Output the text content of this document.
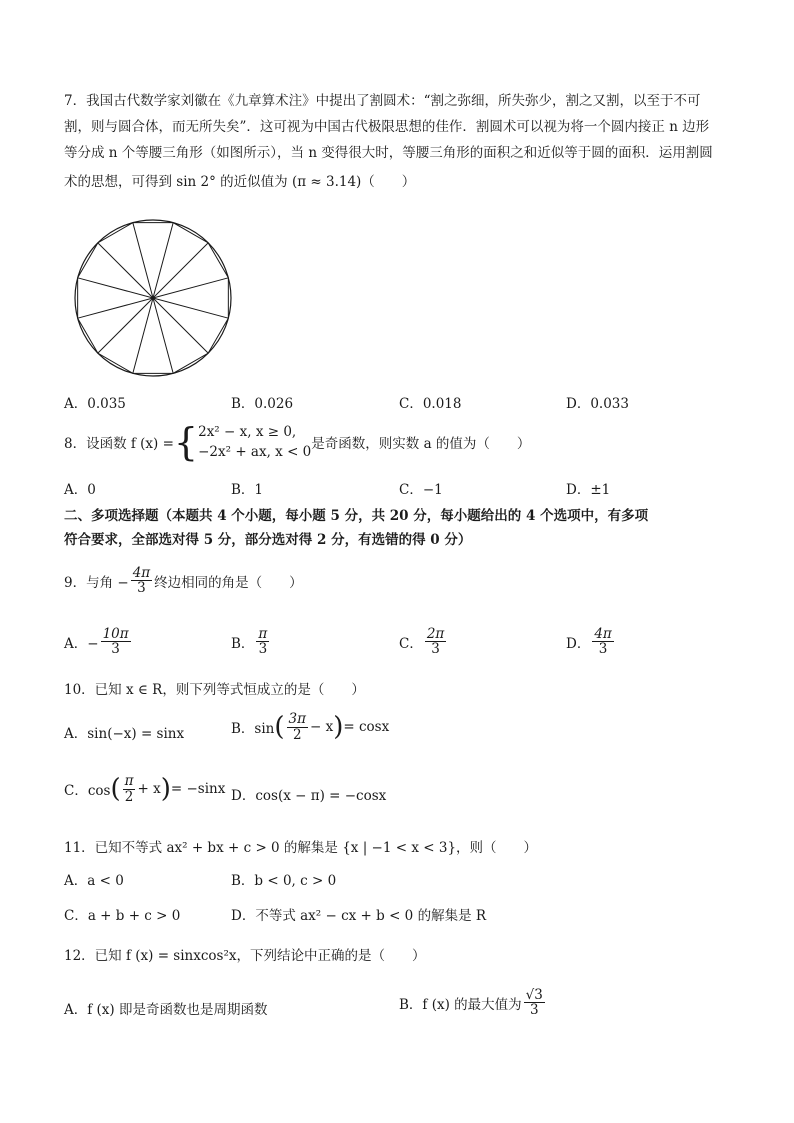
7．我国古代数学家刘徽在《九章算术注》中提出了割圆术：“割之弥细，所失弥少，割之又割，以至于不可
割，则与圆合体，而无所失矣”．这可视为中国古代极限思想的佳作．割圆术可以视为将一个圆内接正 n 边形
等分成 n 个等腰三角形（如图所示），当 n 变得很大时，等腰三角形的面积之和近似等于圆的面积．运用割圆
术的思想，可得到 sin 2° 的近似值为 (π ≈ 3.14)（　　）
A．0.035	B．0.026	C．0.018	D．0.033
8．设函数 f (x) = { 2x² − x, x ≥ 0,
−2x² + ax, x < 0 是奇函数，则实数 a 的值为（　　）
A．0	B．1	C．−1	D．±1
二、多项选择题（本题共 4 个小题，每小题 5 分，共 20 分，每小题给出的 4 个选项中，有多项
符合要求，全部选对得 5 分，部分选对得 2 分，有选错的得 0 分）
9．与角 − $\frac{4\pi}{3}$ 终边相同的角是（　　）
A．− $\frac{10\pi}{3}$	B． $\frac{\pi}{3}$	C． $\frac{2\pi}{3}$	D． $\frac{4\pi}{3}$
10．已知 x ∈ R，则下列等式恒成立的是（　　）
A．sin(−x) = sinx	B．sin ( $\frac{3\pi}{2} - x$ ) = cosx
C．cos ( $\frac{\pi}{2} + x$ ) = −sinx D．cos(x − π) = −cosx
11．已知不等式 ax² + bx + c > 0 的解集是 {x | −1 < x < 3}，则（　　）
A．a < 0	B．b < 0, c > 0
C．a + b + c > 0	D．不等式 ax² − cx + b < 0 的解集是 R
12．已知 f (x) = sinxcos²x，下列结论中正确的是（　　）
A．f (x) 即是奇函数也是周期函数	B．f (x) 的最大值为 $\frac{√3}{3}$
